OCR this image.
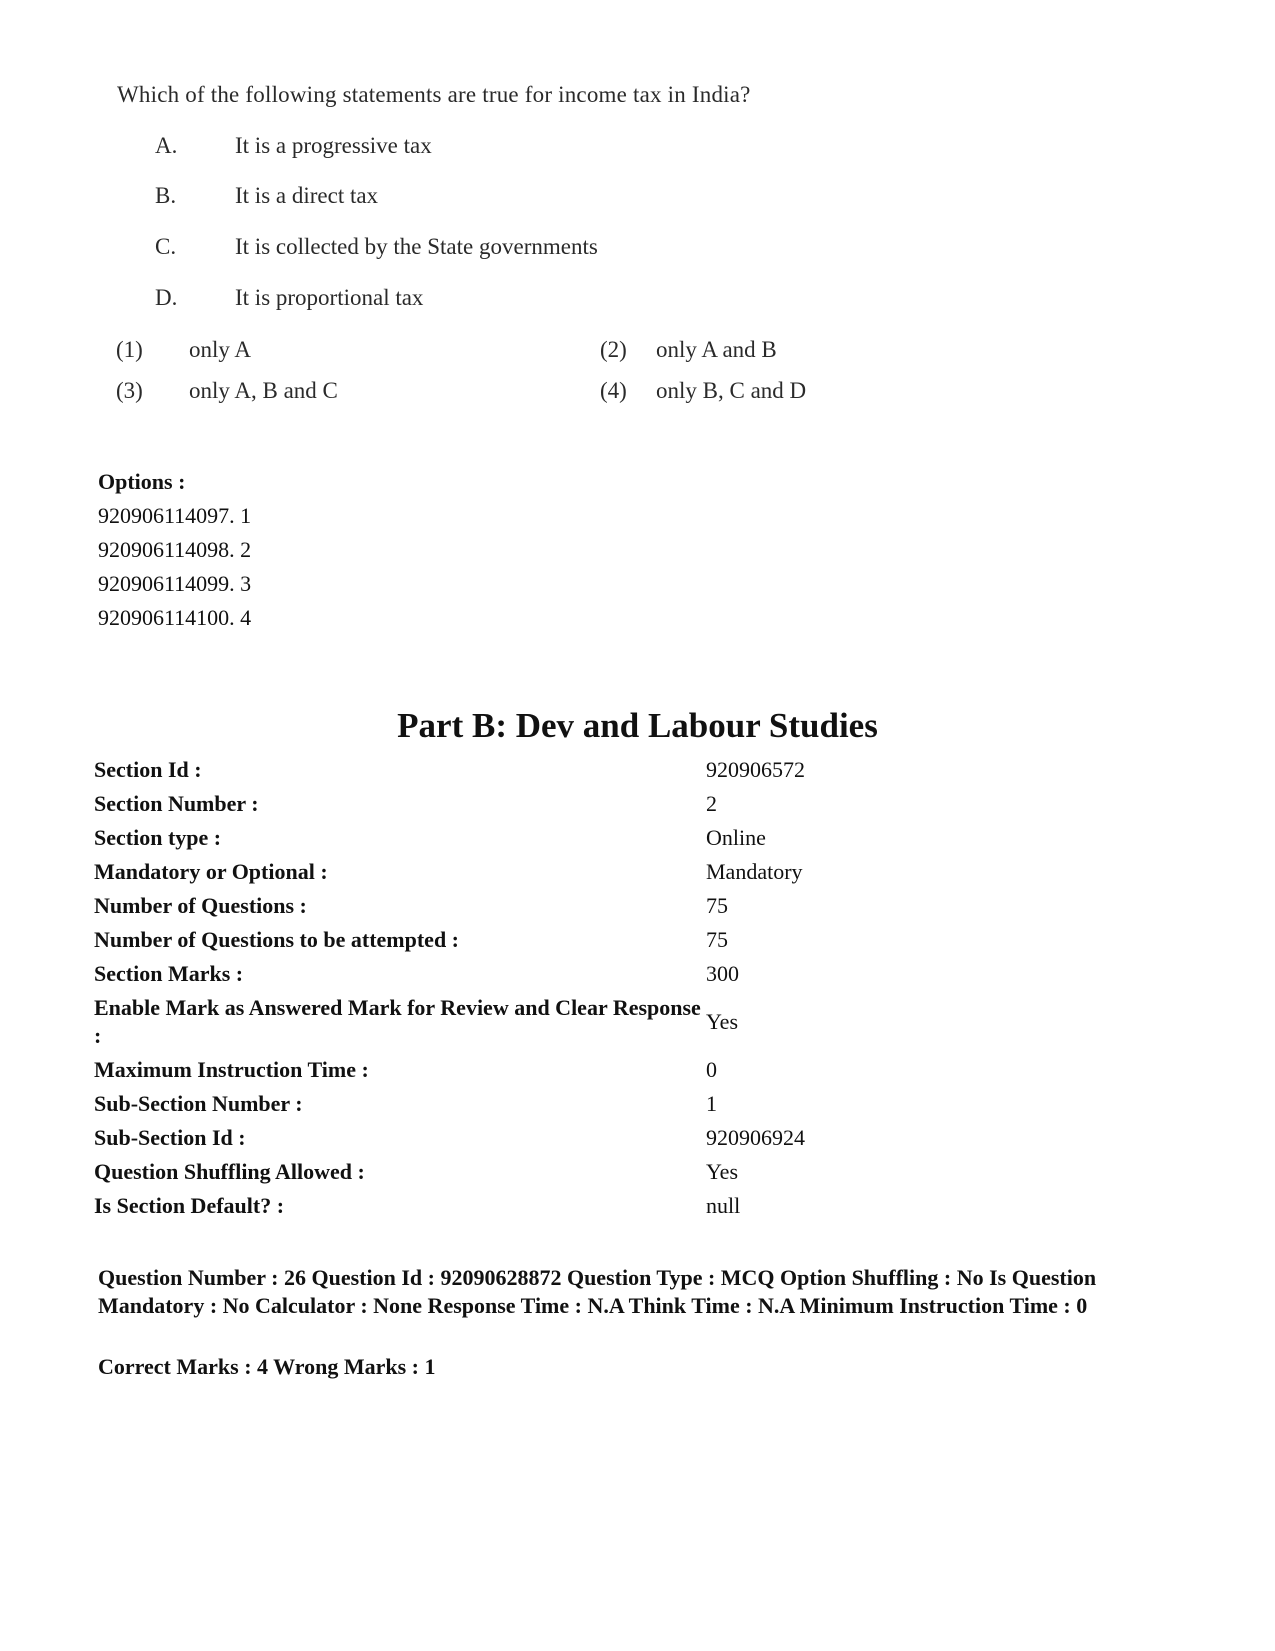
Which of the following statements are true for income tax in India?
A.	It is a progressive tax
B.	It is a direct tax
C.	It is collected by the State governments
D.	It is proportional tax
(1) only A	(2) only A and B
(3) only A, B and C	(4) only B, C and D
Options :
920906114097. 1
920906114098. 2
920906114099. 3
920906114100. 4
Part B: Dev and Labour Studies
Section Id :	920906572
Section Number :	2
Section type :	Online
Mandatory or Optional :	Mandatory
Number of Questions :	75
Number of Questions to be attempted :	75
Section Marks :	300
Enable Mark as Answered Mark for Review and Clear Response :
Yes
Maximum Instruction Time :	0
Sub-Section Number :	1
Sub-Section Id :	920906924
Question Shuffling Allowed :	Yes
Is Section Default? :	null
Question Number : 26 Question Id : 92090628872 Question Type : MCQ Option Shuffling : No Is Question Mandatory : No Calculator : None Response Time : N.A Think Time : N.A Minimum Instruction Time : 0
Correct Marks : 4 Wrong Marks : 1
